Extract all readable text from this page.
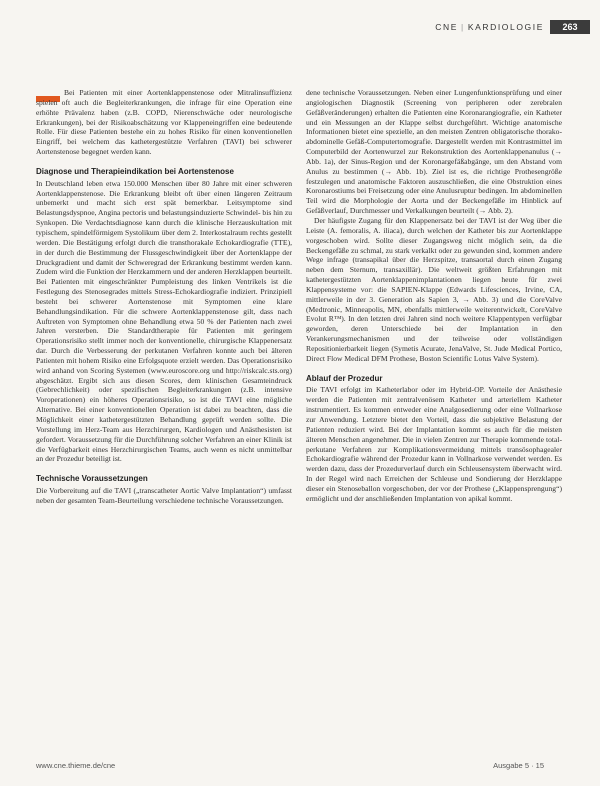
CNE | KARDIOLOGIE	263

Bei Patienten mit einer Aortenklappenstenose oder Mitralinsuffizienz spielen oft auch die Begleiterkrankungen, die infrage für eine Operation eine erhöhte Prävalenz haben (z.B. COPD, Nierenschwäche oder neurologische Erkrankungen), bei der Risikoabschätzung vor Klappeneingriffen eine bedeutende Rolle. Für diese Patienten bestehe ein zu hohes Risiko für einen konventionellen Eingriff, bei welchem das kathetergestützte Verfahren (TAVI) bei schwerer Aortenstenose begegnet werden kann.

Diagnose und Therapieindikation bei Aortenstenose

In Deutschland leben etwa 150.000 Menschen über 80 Jahre mit einer schweren Aortenklappenstenose. Die Erkrankung bleibt oft über einen längeren Zeitraum unbemerkt und macht sich erst spät bemerkbar. Leitsymptome sind Belastungsdyspnoe, Angina pectoris und belastungsinduzierte Schwindel- bis hin zu Synkopen. Die Verdachtsdiagnose kann durch die klinische Herzauskultation mit typischem, spindelförmigem Systolikum über dem 2. Interkostalraum rechts gestellt werden. Die Bestätigung erfolgt durch die transthorakale Echokardiografie (TTE), in der durch die Bestimmung der Flussgeschwindigkeit über der Aortenklappe der Druckgradient und damit der Schweregrad der Erkrankung bestimmt werden kann. Zudem wird die Funktion der Herzkammern und der anderen Herzklappen beurteilt. Bei Patienten mit eingeschränkter Pumpleistung des linken Ventrikels ist die Festlegung des Stenosegrades mittels Stress-Echokardiografie indiziert. Prinzipiell besteht bei schwerer Aortenstenose mit Symptomen eine klare Behandlungsindikation. Für die schwere Aortenklappenstenose gilt, dass nach Auftreten von Symptomen ohne Behandlung etwa 50 % der Patienten nach zwei Jahren versterben. Die Standardtherapie für Patienten mit geringem Operationsrisiko stellt immer noch der konventionelle, chirurgische Klappenersatz dar. Durch die Verbesserung der perkutanen Verfahren konnte auch bei älteren Patienten mit hohem Risiko eine Erfolgsquote erzielt werden. Das Operationsrisiko wird anhand von Scoring Systemen (www.euroscore.org und http://riskcalc.sts.org) abgeschätzt. Ergibt sich aus diesen Scores, dem klinischen Gesamteindruck (Gebrechlichkeit) oder spezifischen Begleiterkrankungen (z.B. intensive Voroperationen) ein höheres Operationsrisiko, so ist die TAVI eine mögliche Alternative. Bei einer konventionellen Operation ist dabei zu beachten, dass die Möglichkeit einer kathetergestützten Behandlung geprüft werden sollte. Die Vorstellung im Herz-Team aus Herzchirurgen, Kardiologen und Anästhesisten ist gefordert. Voraussetzung für die Durchführung solcher Verfahren an einer Klinik ist die Verfügbarkeit eines Herzchirurgischen Teams, auch wenn es nicht unmittelbar an der Prozedur beteiligt ist.

Technische Voraussetzungen

Die Vorbereitung auf die TAVI („transcatheter Aortic Valve Implantation“) umfasst neben der gesamten Team-Beurteilung verschiedene technische Voraussetzungen.

dene technische Voraussetzungen. Neben einer Lungenfunktionsprüfung und einer angiologischen Diagnostik (Screening von peripheren oder zerebralen Gefäßveränderungen) erhalten die Patienten eine Koronarangiografie, ein Katheter und ein Messungen an der Klappe selbst durchgeführt. Wichtige anatomische Informationen bietet eine spezielle, an den meisten Zentren obligatorische thorako-abdominelle Gefäß-Computertomografie. Dargestellt werden mit Kontrastmittel im Computerbild der Aortenwurzel zur Rekonstruktion des Aortenklappenanulus (→ Abb. 1a), der Sinus-Region und der Koronargefäßabgänge, um den Abstand vom Anulus zu bestimmen (→ Abb. 1b). Ziel ist es, die richtige Prothesengröße festzulegen und anatomische Faktoren auszuschließen, die eine Obstruktion eines Koronarostiums bei Freisetzung oder eine Anulusruptur bedingen. Im abdominellen Teil wird die Morphologie der Aorta und der Beckengefäße im Hinblick auf Gefäßverlauf, Durchmesser und Verkalkungen beurteilt (→ Abb. 2).

Der häufigste Zugang für den Klappenersatz bei der TAVI ist der Weg über die Leiste (A. femoralis, A. iliaca), durch welchen der Katheter bis zur Aortenklappe vorgeschoben wird. Sollte dieser Zugangsweg nicht möglich sein, da die Beckengefäße zu schmal, zu stark verkalkt oder zu gewunden sind, kommen andere Wege infrage (transapikal über die Herzspitze, transaortal durch einen Zugang neben dem Sternum, transaxillär). Die weltweit größten Erfahrungen mit kathetergestützten Aortenklappenimplantationen liegen heute für zwei Klappensysteme vor: die SAPIEN-Klappe (Edwards Lifesciences, Irvine, CA, mittlerweile in der 3. Generation als Sapien 3, → Abb. 3) und die CoreValve (Medtronic, Minneapolis, MN, ebenfalls mittlerweile weiterentwickelt, CoreValve Evolut R™). In den letzten drei Jahren sind noch weitere Klappentypen verfügbar geworden, deren Unterschiede bei der Implantation in den Verankerungsmechanismen und der teilweise oder vollständigen Repositionierbarkeit liegen (Symetis Acurate, JenaValve, St. Jude Medical Portico, Direct Flow Medical DFM Prothese, Boston Scientific Lotus Valve System).

Ablauf der Prozedur

Die TAVI erfolgt im Katheterlabor oder im Hybrid-OP. Vorteile der Anästhesie werden die Patienten mit zentralvenösem Katheter und arteriellem Katheter instrumentiert. Es kommen entweder eine Analgosedierung oder eine Vollnarkose zur Anwendung. Letztere bietet den Vorteil, dass die subjektive Belastung der Patienten reduziert wird. Bei der Implantation kommt es auch für die meisten älteren Menschen angenehmer. Die in vielen Zentren zur Therapie kommende total-perkutane Verfahren zur Komplikationsvermeidung mittels transösophagealer Echokardiografie während der Prozedur kann in Vollnarkose verwendet werden. Es werden dazu, dass der Prozedurverlauf durch ein Schleusensystem überwacht wird. In der Regel wird nach Erreichen der Schleuse und Sondierung der Herzklappe dieser ein Stenoseballon vorgeschoben, der vor der Prothese („Klappensprengung“) ermöglicht und der anschließenden Implantation von apikal kommt.

www.cne.thieme.de/cne	Ausgabe 5 · 15
